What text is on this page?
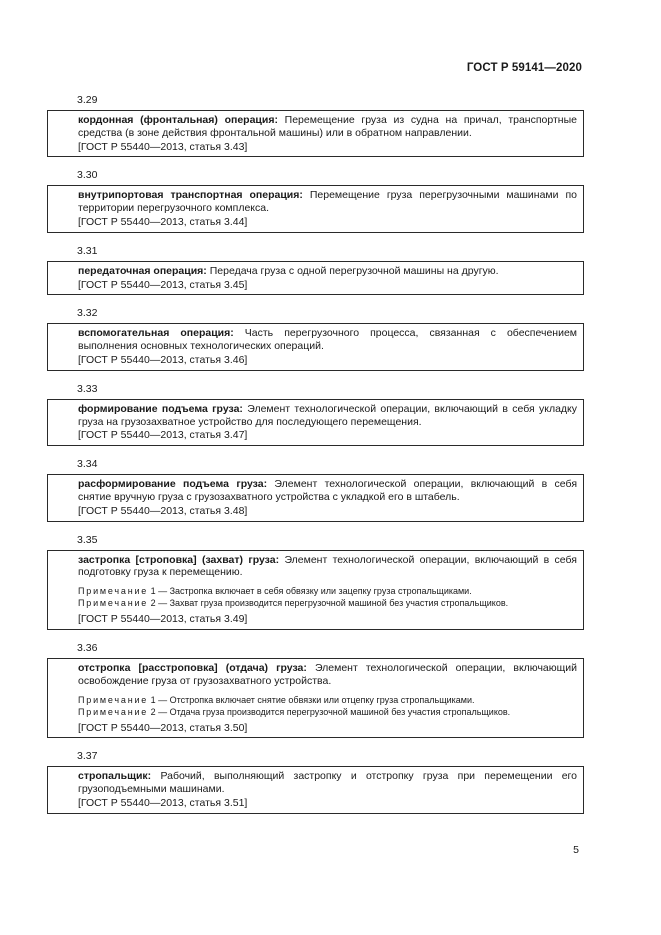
ГОСТ Р 59141—2020
3.29
кордонная (фронтальная) операция: Перемещение груза из судна на причал, транспортные средства (в зоне действия фронтальной машины) или в обратном направлении.
[ГОСТ Р 55440—2013, статья 3.43]
3.30
внутрипортовая транспортная операция: Перемещение груза перегрузочными машинами по территории перегрузочного комплекса.
[ГОСТ Р 55440—2013, статья 3.44]
3.31
передаточная операция: Передача груза с одной перегрузочной машины на другую.
[ГОСТ Р 55440—2013, статья 3.45]
3.32
вспомогательная операция: Часть перегрузочного процесса, связанная с обеспечением выполнения основных технологических операций.
[ГОСТ Р 55440—2013, статья 3.46]
3.33
формирование подъема груза: Элемент технологической операции, включающий в себя укладку груза на грузозахватное устройство для последующего перемещения.
[ГОСТ Р 55440—2013, статья 3.47]
3.34
расформирование подъема груза: Элемент технологической операции, включающий в себя снятие вручную груза с грузозахватного устройства с укладкой его в штабель.
[ГОСТ Р 55440—2013, статья 3.48]
3.35
застропка [строповка] (захват) груза: Элемент технологической операции, включающий в себя подготовку груза к перемещению.
Примечание 1 — Застропка включает в себя обвязку или зацепку груза стропальщиками.
Примечание 2 — Захват груза производится перегрузочной машиной без участия стропальщиков.
[ГОСТ Р 55440—2013, статья 3.49]
3.36
отстропка [расстроповка] (отдача) груза: Элемент технологической операции, включающий освобождение груза от грузозахватного устройства.
Примечание 1 — Отстропка включает снятие обвязки или отцепку груза стропальщиками.
Примечание 2 — Отдача груза производится перегрузочной машиной без участия стропальщиков.
[ГОСТ Р 55440—2013, статья 3.50]
3.37
стропальщик: Рабочий, выполняющий застропку и отстропку груза при перемещении его грузоподъемными машинами.
[ГОСТ Р 55440—2013, статья 3.51]
5
